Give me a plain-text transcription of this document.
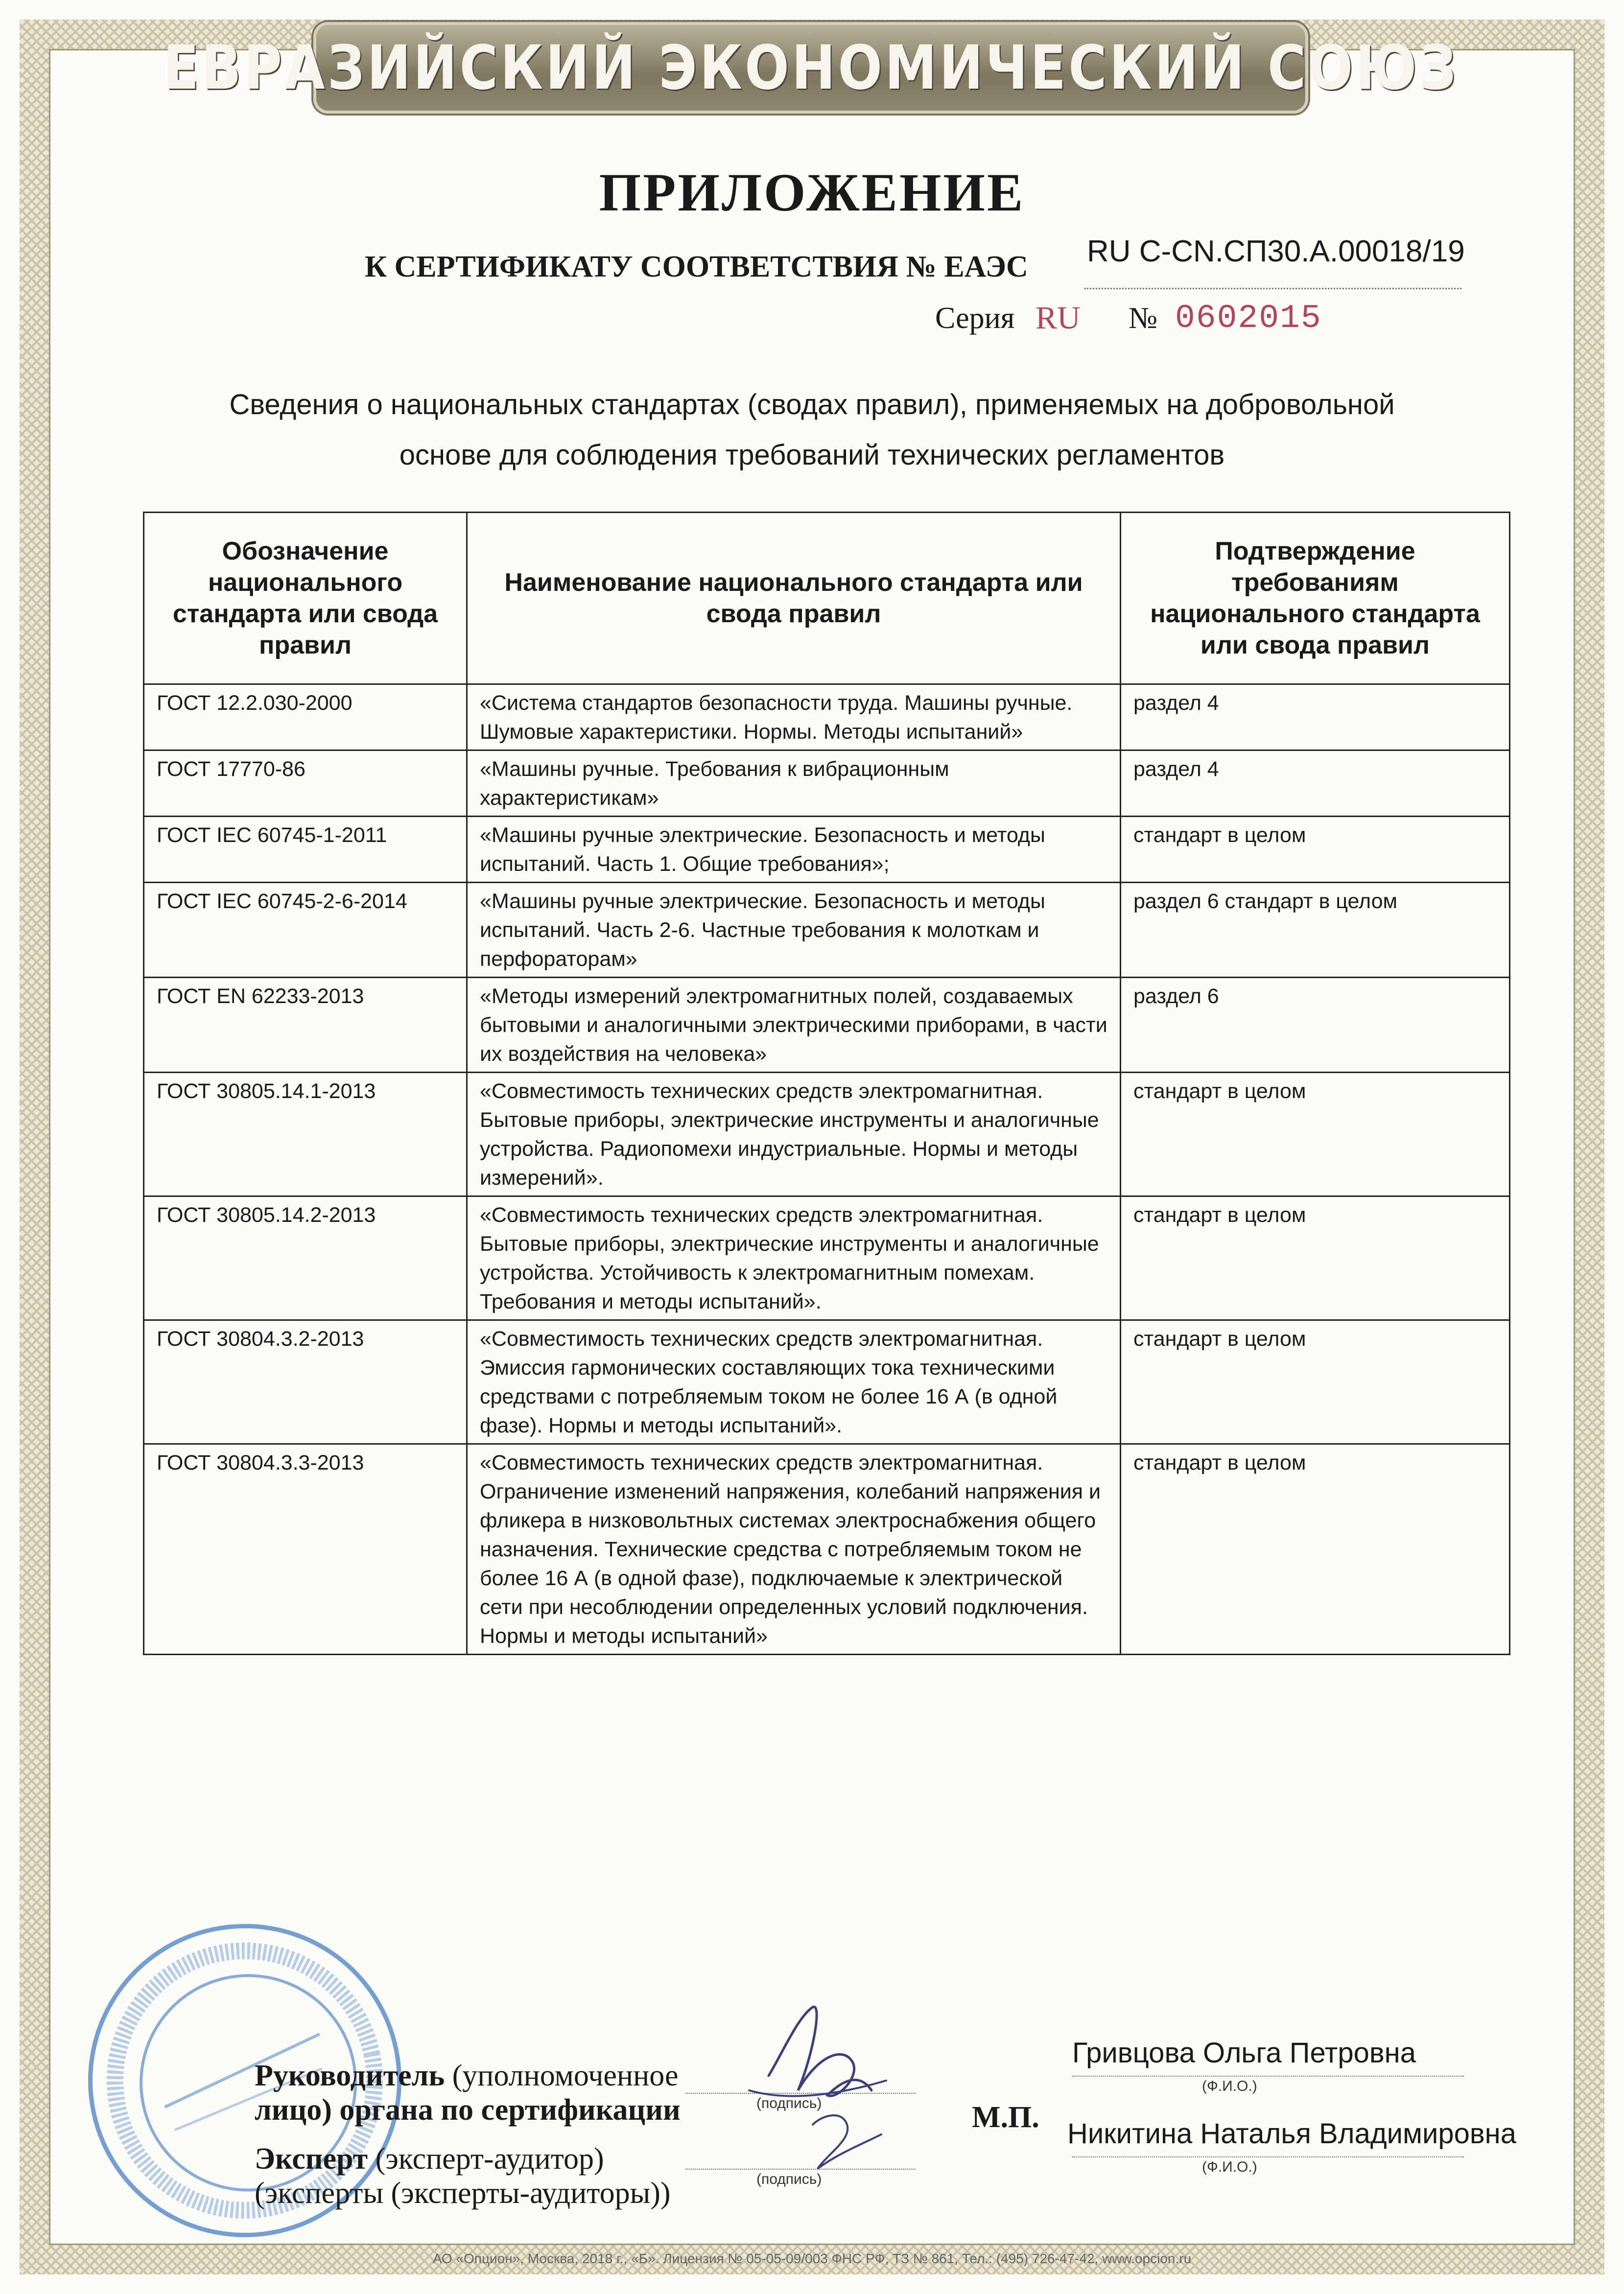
ЕВРАЗИЙСКИЙ ЭКОНОМИЧЕСКИЙ СОЮЗ
ПРИЛОЖЕНИЕ
К СЕРТИФИКАТУ СООТВЕТСТВИЯ № ЕАЭС RU С-CN.СП30.А.00018/19
Серия RU № 0602015
Сведения о национальных стандартах (сводах правил), применяемых на добровольной
основе для соблюдения требований технических регламентов
Обозначение национального стандарта или свода правил	Наименование национального стандарта или свода правил	Подтверждение требованиям национального стандарта или свода правил
ГОСТ 12.2.030-2000	«Система стандартов безопасности труда. Машины ручные. Шумовые характеристики. Нормы. Методы испытаний»	раздел 4
ГОСТ 17770-86	«Машины ручные. Требования к вибрационным характеристикам»	раздел 4
ГОСТ IEC 60745-1-2011	«Машины ручные электрические. Безопасность и методы испытаний. Часть 1. Общие требования»;	стандарт в целом
ГОСТ IEC 60745-2-6-2014	«Машины ручные электрические. Безопасность и методы испытаний. Часть 2-6. Частные требования к молоткам и перфораторам»	раздел 6 стандарт в целом
ГОСТ EN 62233-2013	«Методы измерений электромагнитных полей, создаваемых бытовыми и аналогичными электрическими приборами, в части их воздействия на человека»	раздел 6
ГОСТ 30805.14.1-2013	«Совместимость технических средств электромагнитная. Бытовые приборы, электрические инструменты и аналогичные устройства. Радиопомехи индустриальные. Нормы и методы измерений».	стандарт в целом
ГОСТ 30805.14.2-2013	«Совместимость технических средств электромагнитная. Бытовые приборы, электрические инструменты и аналогичные устройства. Устойчивость к электромагнитным помехам. Требования и методы испытаний».	стандарт в целом
ГОСТ 30804.3.2-2013	«Совместимость технических средств электромагнитная. Эмиссия гармонических составляющих тока техническими средствами с потребляемым током не более 16 А (в одной фазе). Нормы и методы испытаний».	стандарт в целом
ГОСТ 30804.3.3-2013	«Совместимость технических средств электромагнитная. Ограничение изменений напряжения, колебаний напряжения и фликера в низковольтных системах электроснабжения общего назначения. Технические средства с потребляемым током не более 16 А (в одной фазе), подключаемые к электрической сети при несоблюдении определенных условий подключения. Нормы и методы испытаний»	стандарт в целом
Руководитель (уполномоченное
лицо) органа по сертификации
Эксперт (эксперт-аудитор)
(эксперты (эксперты-аудиторы))
(подпись)
(подпись)
М.П.
Гривцова Ольга Петровна
(Ф.И.О.)
Никитина Наталья Владимировна
(Ф.И.О.)
АО «Опцион», Москва, 2018 г., «Б». Лицензия № 05-05-09/003 ФНС РФ, ТЗ № 861, Тел.: (495) 726-47-42, www.opcion.ru
